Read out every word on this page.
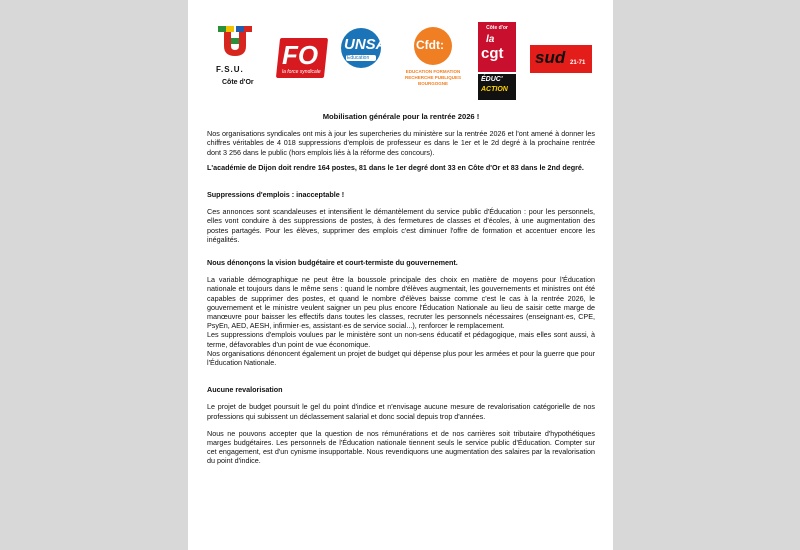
F.S.U.
Côte d'Or
FO
la force syndicale
UNSA
Éducation
Cfdt:
EDUCATION FORMATION
RECHERCHE PUBLIQUES
BOURGOGNE
Côte d'or
la
cgt
ÉDUC'
ACTION
sud 21-71

Mobilisation générale pour la rentrée 2026 !

Nos organisations syndicales ont mis à jour les supercheries du ministère sur la rentrée 2026 et l'ont amené à donner les chiffres véritables de 4 018 suppressions d'emplois de professeur es dans le 1er et le 2d degré à la prochaine rentrée dont 3 256 dans le public (hors emplois liés à la réforme des concours).

L'académie de Dijon doit rendre 164 postes, 81 dans le 1er degré dont 33 en Côte d'Or et 83 dans le 2nd degré.

Suppressions d'emplois : inacceptable !

Ces annonces sont scandaleuses et intensifient le démantèlement du service public d'Éducation : pour les personnels, elles vont conduire à des suppressions de postes, à des fermetures de classes et d'écoles, à une augmentation des postes partagés. Pour les élèves, supprimer des emplois c'est diminuer l'offre de formation et accentuer encore les inégalités.

Nous dénonçons la vision budgétaire et court-termiste du gouvernement.

La variable démographique ne peut être la boussole principale des choix en matière de moyens pour l'Éducation nationale et toujours dans le même sens : quand le nombre d'élèves augmentait, les gouvernements et ministres ont été capables de supprimer des postes, et quand le nombre d'élèves baisse comme c'est le cas à la rentrée 2026, le gouvernement et le ministre veulent saigner un peu plus encore l'Éducation Nationale au lieu de saisir cette marge de manœuvre pour baisser les effectifs dans toutes les classes, recruter les personnels nécessaires (enseignant·es, CPE, PsyEn, AED, AESH, infirmier·es, assistant·es de service social...), renforcer le remplacement.

Les suppressions d'emplois voulues par le ministère sont un non-sens éducatif et pédagogique, mais elles sont aussi, à terme, défavorables d'un point de vue économique.

Nos organisations dénoncent également un projet de budget qui dépense plus pour les armées et pour la guerre que pour l'Éducation Nationale.

Aucune revalorisation

Le projet de budget poursuit le gel du point d'indice et n'envisage aucune mesure de revalorisation catégorielle de nos professions qui subissent un déclassement salarial et donc social depuis trop d'années.

Nous ne pouvons accepter que la question de nos rémunérations et de nos carrières soit tributaire d'hypothétiques marges budgétaires. Les personnels de l'Éducation nationale tiennent seuls le service public d'Éducation. Compter sur cet engagement, est d'un cynisme insupportable. Nous revendiquons une augmentation des salaires par la revalorisation du point d'indice.
